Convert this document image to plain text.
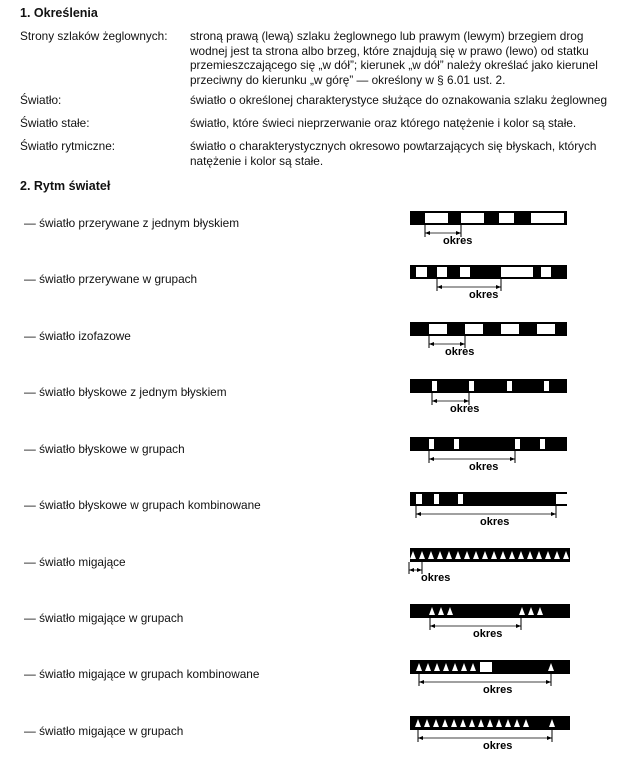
1. Określenia
Strony szlaków żeglownych: stroną prawą (lewą) szlaku żeglownego lub prawym (lewym) brzegiem drog
wodnej jest ta strona albo brzeg, które znajdują się w prawo (lewo) od statku
przemieszczającego się „w dół”; kierunek „w dół” należy określać jako kierunel
przeciwny do kierunku „w górę” — określony w § 6.01 ust. 2.
Światło:	światło o określonej charakterystyce służące do oznakowania szlaku żeglowneg
Światło stałe:	światło, które świeci nieprzerwanie oraz którego natężenie i kolor są stałe.
Światło rytmiczne:	światło o charakterystycznych okresowo powtarzających się błyskach, których
natężenie i kolor są stałe.
2. Rytm świateł
— światło przerywane z jednym błyskiem
— światło przerywane w grupach
— światło izofazowe
— światło błyskowe z jednym błyskiem
— światło błyskowe w grupach
— światło błyskowe w grupach kombinowane
— światło migające
— światło migające w grupach
— światło migające w grupach kombinowane
— światło migające w grupach
okres
okres
okres
okres
okres
okres
okres
okres
okres
okres
